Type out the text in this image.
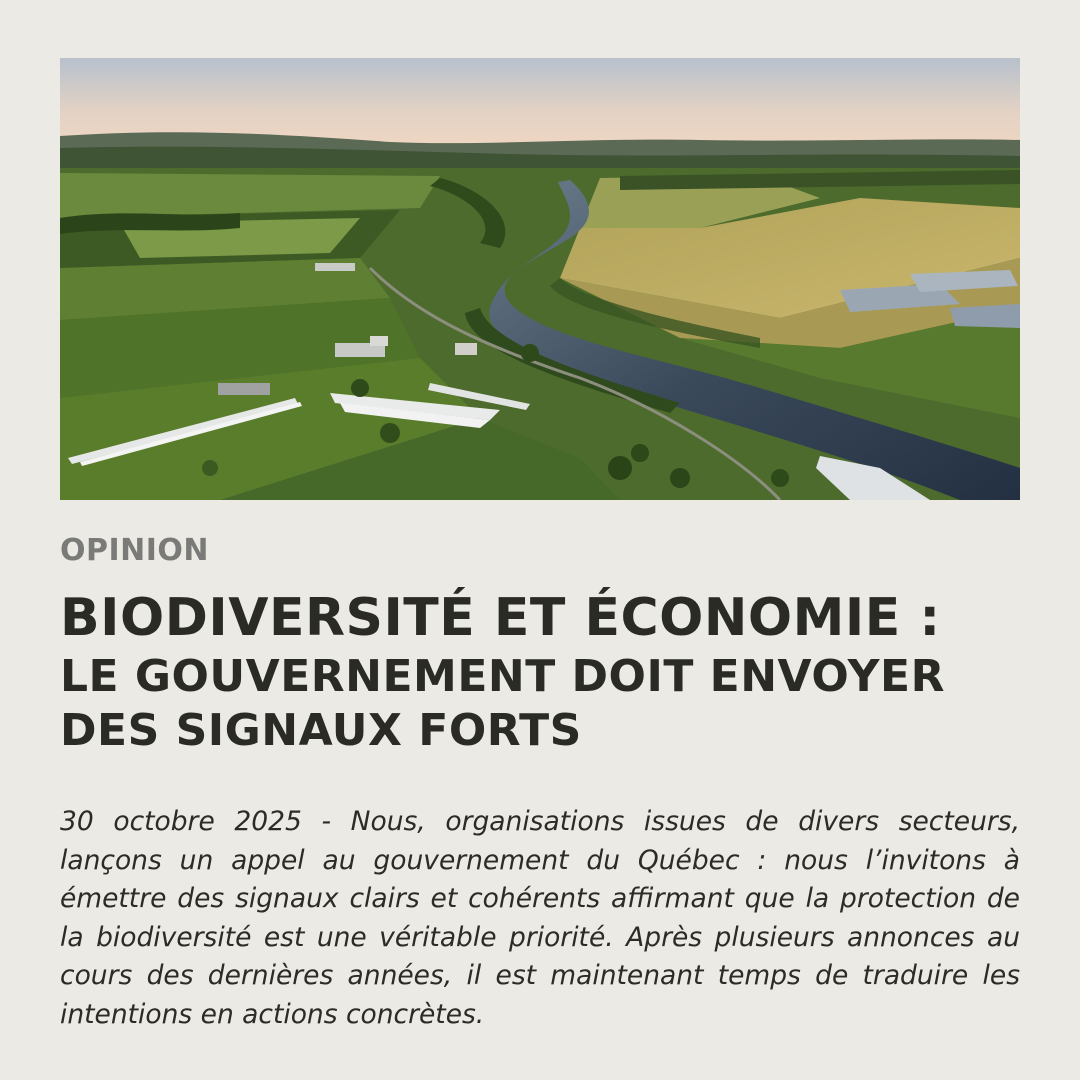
OPINION

BIODIVERSITÉ ET ÉCONOMIE :
LE GOUVERNEMENT DOIT ENVOYER
DES SIGNAUX FORTS

30 octobre 2025 - Nous, organisations issues de divers secteurs, lançons un appel au gouvernement du Québec : nous l’invitons à émettre des signaux clairs et cohérents affirmant que la protection de la biodiversité est une véritable priorité. Après plusieurs annonces au cours des dernières années, il est maintenant temps de traduire les intentions en actions concrètes.
